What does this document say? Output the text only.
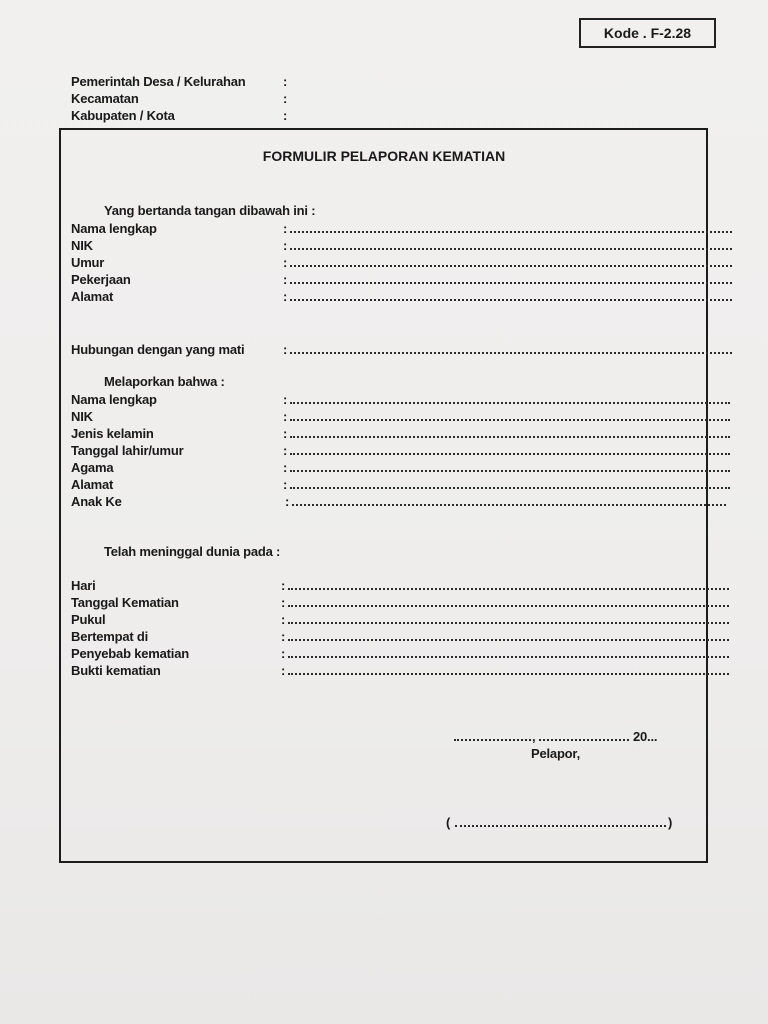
Kode . F-2.28
Pemerintah Desa / Kelurahan	:
Kecamatan	:
Kabupaten / Kota	:
FORMULIR PELAPORAN KEMATIAN
Yang bertanda tangan dibawah ini :
Nama lengkap	:
NIK	:
Umur	:
Pekerjaan	:
Alamat	:
Hubungan dengan yang mati	:
Melaporkan bahwa :
Nama lengkap	:
NIK	:
Jenis kelamin	:
Tanggal lahir/umur	:
Agama	:
Alamat	:
Anak Ke	:
Telah meninggal dunia pada :
Hari	:
Tanggal Kematian	:
Pukul	:
Bertempat di	:
Penyebab kematian	:
Bukti kematian	:
,	20...
Pelapor,
(	)
